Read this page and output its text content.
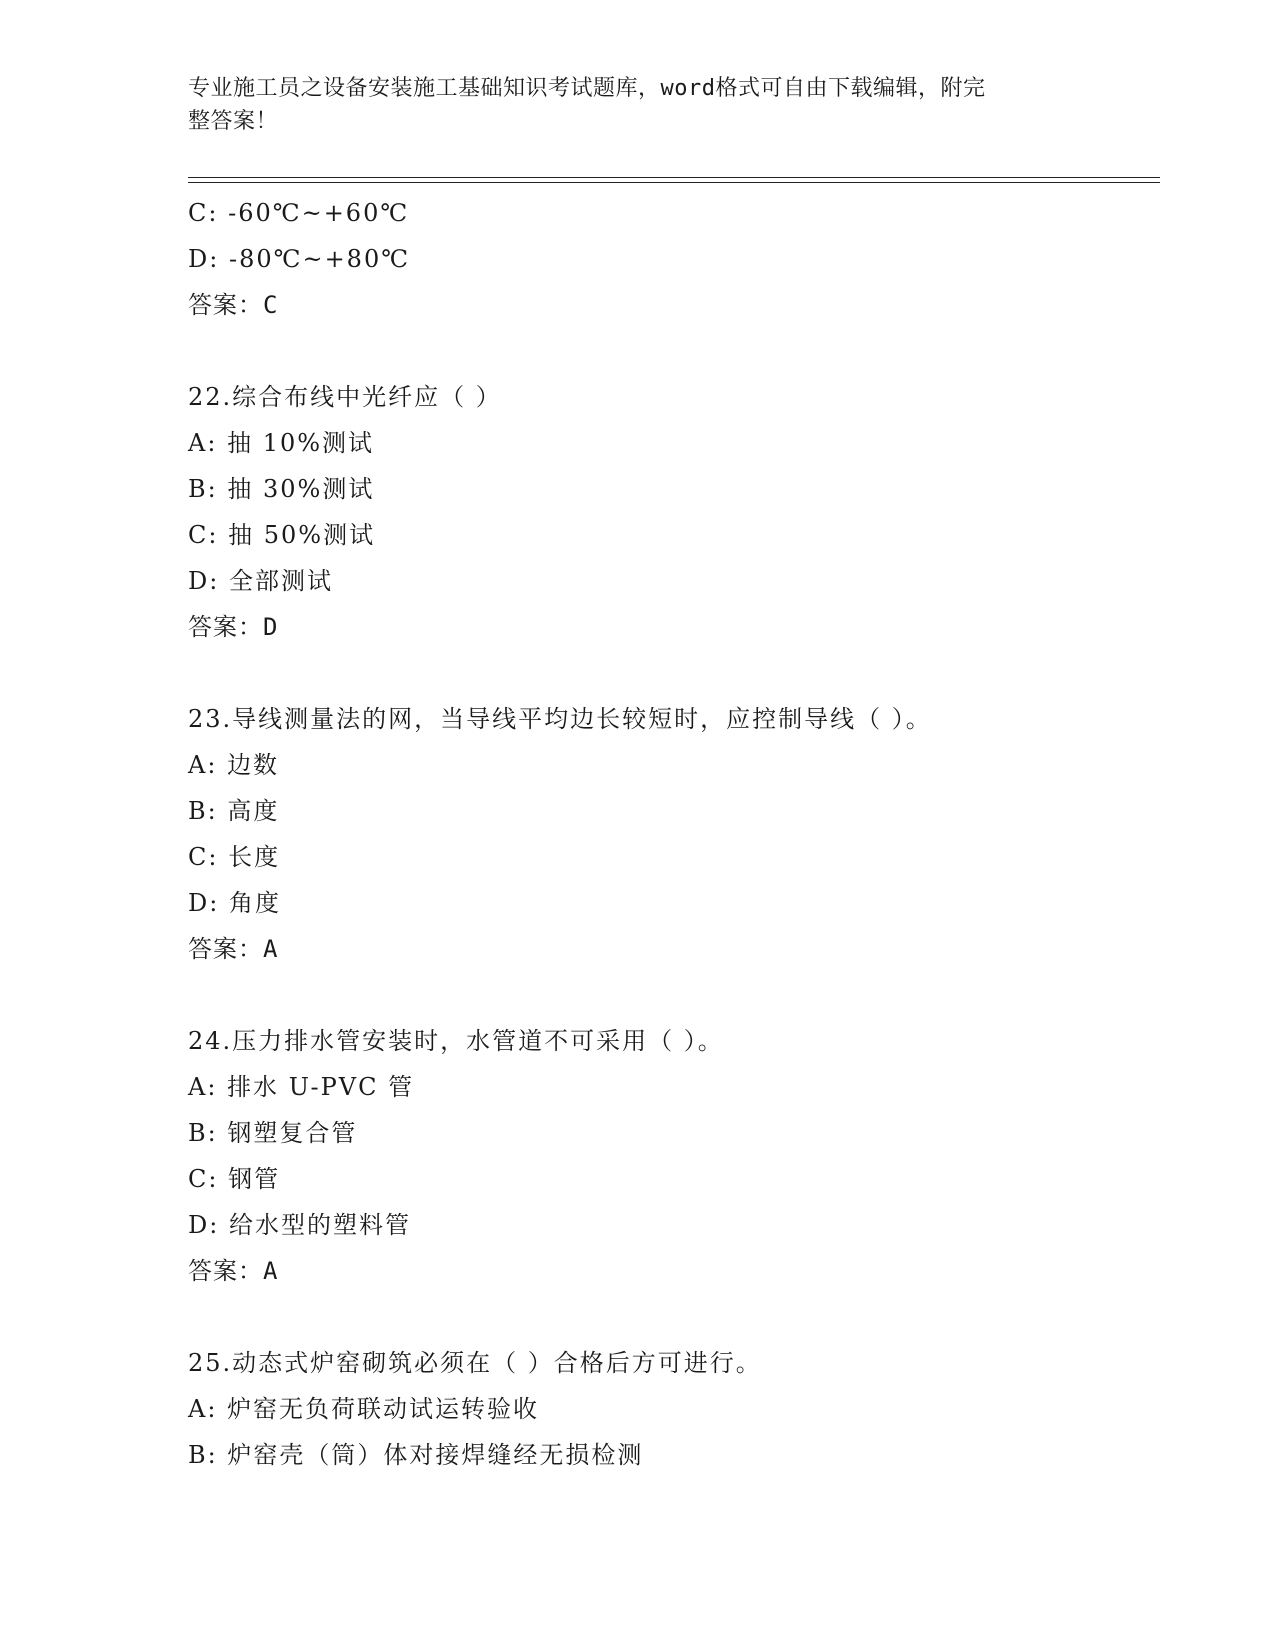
专业施工员之设备安装施工基础知识考试题库，word格式可自由下载编辑，附完
整答案！
C: -60℃~+60℃
D: -80℃~+80℃
答案：C
22.综合布线中光纤应（ ）
A: 抽 10%测试
B: 抽 30%测试
C: 抽 50%测试
D: 全部测试
答案：D
23.导线测量法的网，当导线平均边长较短时，应控制导线（ ）。
A: 边数
B: 高度
C: 长度
D: 角度
答案：A
24.压力排水管安装时，水管道不可采用（ ）。
A: 排水 U-PVC 管
B: 钢塑复合管
C: 钢管
D: 给水型的塑料管
答案：A
25.动态式炉窑砌筑必须在（ ）合格后方可进行。
A: 炉窑无负荷联动试运转验收
B: 炉窑壳（筒）体对接焊缝经无损检测
